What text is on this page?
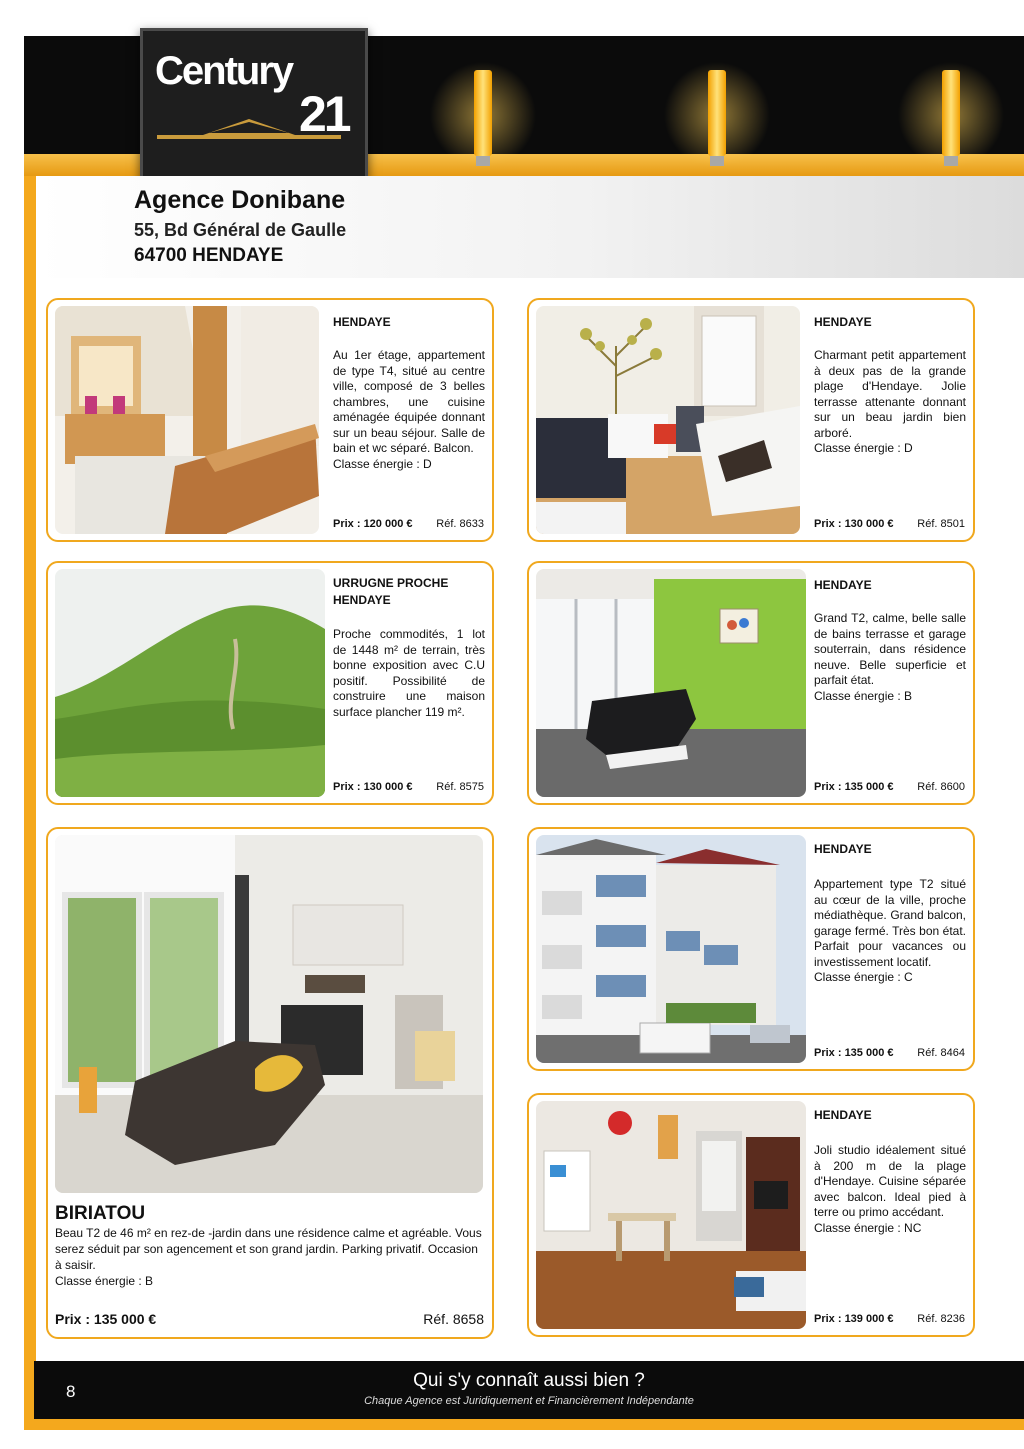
Century
21
Agence Donibane
55, Bd Général de Gaulle
64700 HENDAYE
HENDAYE
Au 1er étage, appartement de type T4, situé au centre ville, composé de 3 belles chambres, une cuisine aménagée équipée donnant sur un beau séjour. Salle de bain et wc séparé. Balcon.
Classe énergie : D
Prix : 120 000 € Réf. 8633
HENDAYE
Charmant petit appartement à deux pas de la grande plage d'Hendaye. Jolie terrasse attenante donnant sur un beau jardin bien arboré.
Classe énergie : D
Prix : 130 000 € Réf. 8501
URRUGNE PROCHE HENDAYE
Proche commodités, 1 lot de 1448 m² de terrain, très bonne exposition avec C.U positif. Possibilité de construire une maison surface plancher 119 m².
Prix : 130 000 € Réf. 8575
HENDAYE
Grand T2, calme, belle salle de bains terrasse et garage souterrain, dans résidence neuve. Belle superficie et parfait état.
Classe énergie : B
Prix : 135 000 € Réf. 8600
BIRIATOU
Beau T2 de 46 m² en rez-de -jardin dans une résidence calme et agréable. Vous serez séduit par son agencement et son grand jardin. Parking privatif. Occasion à saisir.
Classe énergie : B
Prix : 135 000 €	Réf. 8658
HENDAYE
Appartement type T2 situé au cœur de la ville, proche médiathèque. Grand balcon, garage fermé. Très bon état. Parfait pour vacances ou investissement locatif.
Classe énergie : C
Prix : 135 000 € Réf. 8464
HENDAYE
Joli studio idéalement situé à 200 m de la plage d'Hendaye. Cuisine séparée avec balcon. Ideal pied à terre ou primo accédant.
Classe énergie : NC
Prix : 139 000 € Réf. 8236
8
Qui s'y connaît aussi bien ?
Chaque Agence est Juridiquement et Financièrement Indépendante
